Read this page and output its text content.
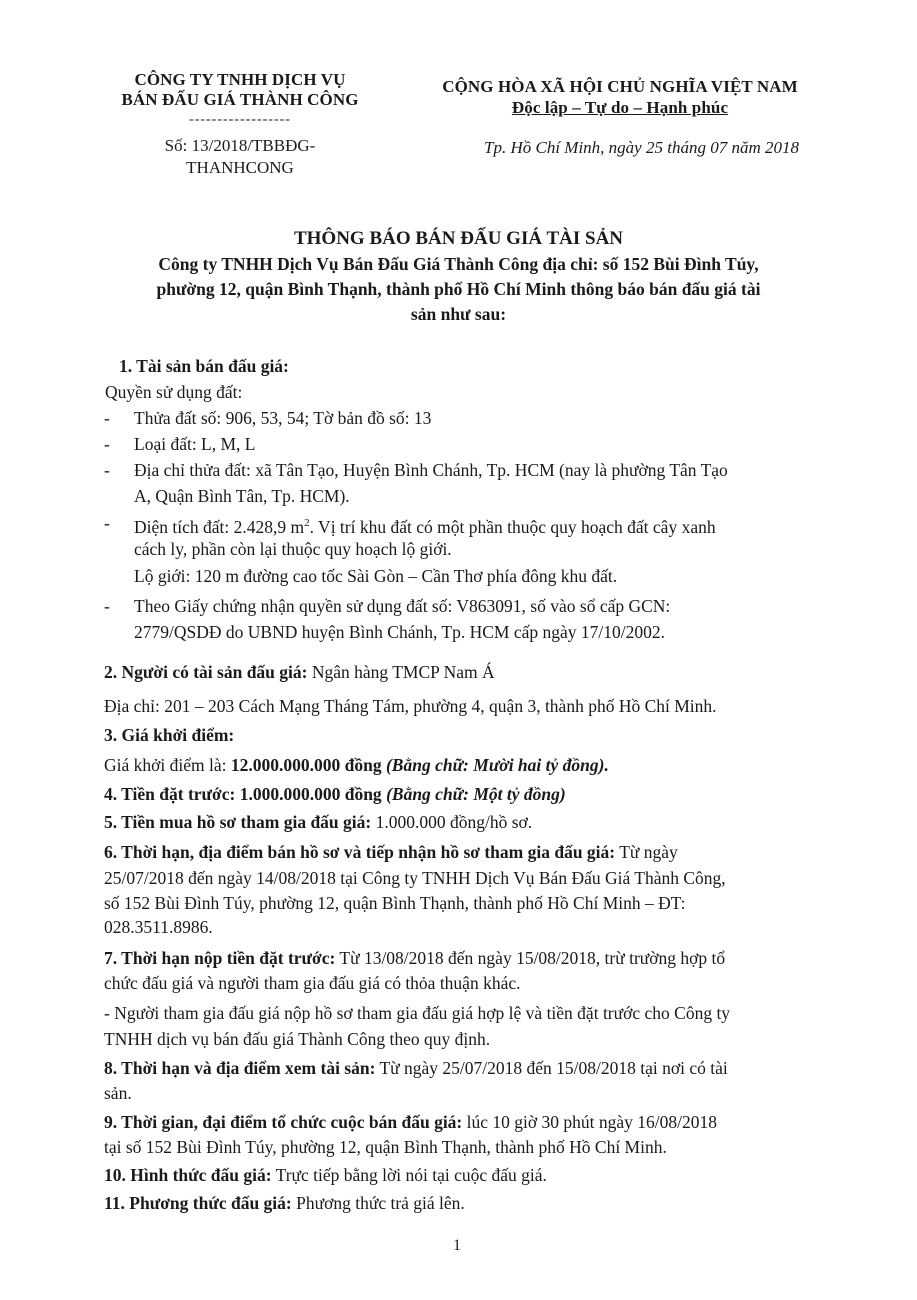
CÔNG TY TNHH DỊCH VỤ
BÁN ĐẤU GIÁ THÀNH CÔNG
------------------
Số: 13/2018/TBBĐG-
THANHCONG
CỘNG HÒA XÃ HỘI CHỦ NGHĨA VIỆT NAM
Độc lập – Tự do – Hạnh phúc
Tp. Hồ Chí Minh, ngày 25 tháng 07 năm 2018
THÔNG BÁO BÁN ĐẤU GIÁ TÀI SẢN
Công ty TNHH Dịch Vụ Bán Đấu Giá Thành Công địa chỉ: số 152 Bùi Đình Túy,
phường 12, quận Bình Thạnh, thành phố Hồ Chí Minh thông báo bán đấu giá tài
sản như sau:
1. Tài sản bán đấu giá:
Quyền sử dụng đất:
- Thửa đất số: 906, 53, 54; Tờ bản đồ số: 13
- Loại đất: L, M, L
- Địa chỉ thửa đất: xã Tân Tạo, Huyện Bình Chánh, Tp. HCM (nay là phường Tân Tạo
A, Quận Bình Tân, Tp. HCM).
- Diện tích đất: 2.428,9 $m^2$. Vị trí khu đất có một phần thuộc quy hoạch đất cây xanh
cách ly, phần còn lại thuộc quy hoạch lộ giới.
Lộ giới: 120 m đường cao tốc Sài Gòn – Cần Thơ phía đông khu đất.
- Theo Giấy chứng nhận quyền sử dụng đất số: V863091, số vào sổ cấp GCN:
2779/QSDĐ do UBND huyện Bình Chánh, Tp. HCM cấp ngày 17/10/2002.
2. Người có tài sản đấu giá: Ngân hàng TMCP Nam Á
Địa chỉ: 201 – 203 Cách Mạng Tháng Tám, phường 4, quận 3, thành phố Hồ Chí Minh.
3. Giá khởi điểm:
Giá khởi điểm là: 12.000.000.000 đồng (Bằng chữ: Mười hai tỷ đồng).
4. Tiền đặt trước: 1.000.000.000 đồng (Bằng chữ: Một tỷ đồng)
5. Tiền mua hồ sơ tham gia đấu giá: 1.000.000 đồng/hồ sơ.
6. Thời hạn, địa điểm bán hồ sơ và tiếp nhận hồ sơ tham gia đấu giá: Từ ngày
25/07/2018 đến ngày 14/08/2018 tại Công ty TNHH Dịch Vụ Bán Đấu Giá Thành Công,
số 152 Bùi Đình Túy, phường 12, quận Bình Thạnh, thành phố Hồ Chí Minh – ĐT:
028.3511.8986.
7. Thời hạn nộp tiền đặt trước: Từ 13/08/2018 đến ngày 15/08/2018, trừ trường hợp tổ
chức đấu giá và người tham gia đấu giá có thỏa thuận khác.
- Người tham gia đấu giá nộp hồ sơ tham gia đấu giá hợp lệ và tiền đặt trước cho Công ty
TNHH dịch vụ bán đấu giá Thành Công theo quy định.
8. Thời hạn và địa điểm xem tài sản: Từ ngày 25/07/2018 đến 15/08/2018 tại nơi có tài
sản.
9. Thời gian, đại điểm tổ chức cuộc bán đấu giá: lúc 10 giờ 30 phút ngày 16/08/2018
tại số 152 Bùi Đình Túy, phường 12, quận Bình Thạnh, thành phố Hồ Chí Minh.
10. Hình thức đấu giá: Trực tiếp bằng lời nói tại cuộc đấu giá.
11. Phương thức đấu giá: Phương thức trả giá lên.
1
